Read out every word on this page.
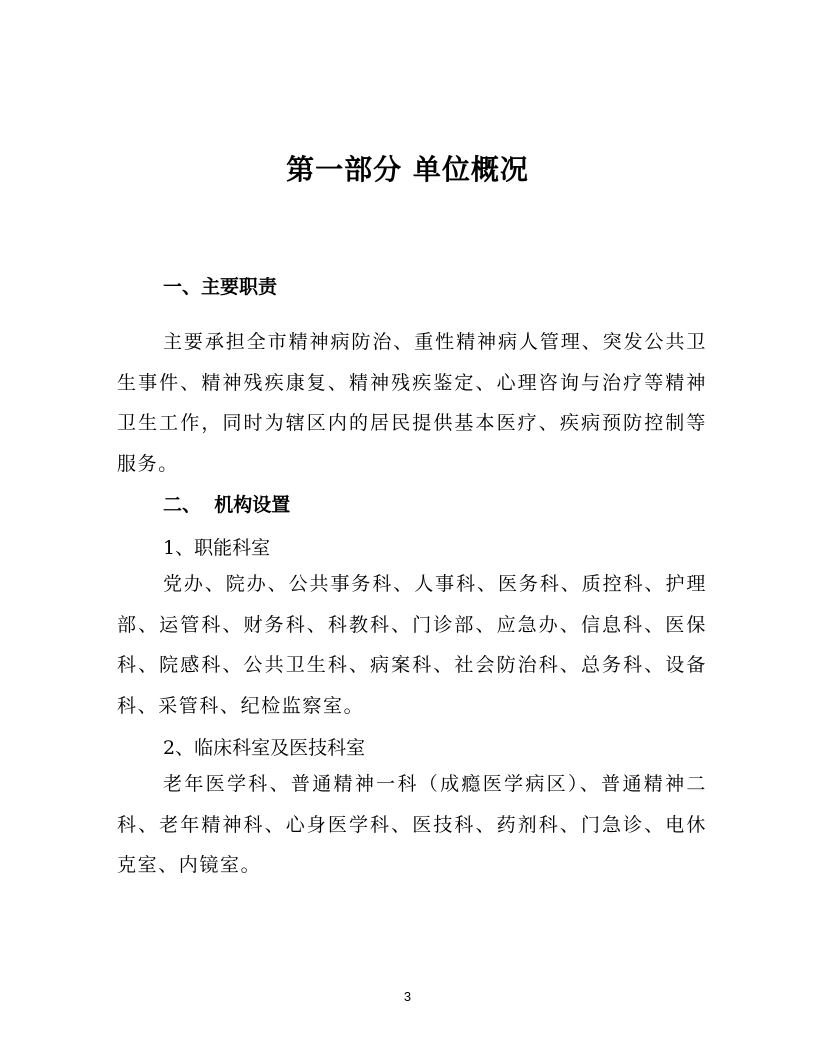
第一部分 单位概况
一、主要职责

主要承担全市精神病防治、重性精神病人管理、突发公共卫生事件、精神残疾康复、精神残疾鉴定、心理咨询与治疗等精神卫生工作，同时为辖区内的居民提供基本医疗、疾病预防控制等服务。

二、  机构设置

1、职能科室

党办、院办、公共事务科、人事科、医务科、质控科、护理部、运管科、财务科、科教科、门诊部、应急办、信息科、医保科、院感科、公共卫生科、病案科、社会防治科、总务科、设备科、采管科、纪检监察室。

2、临床科室及医技科室

老年医学科、普通精神一科（成瘾医学病区）、普通精神二科、老年精神科、心身医学科、医技科、药剂科、门急诊、电休克室、内镜室。

3
